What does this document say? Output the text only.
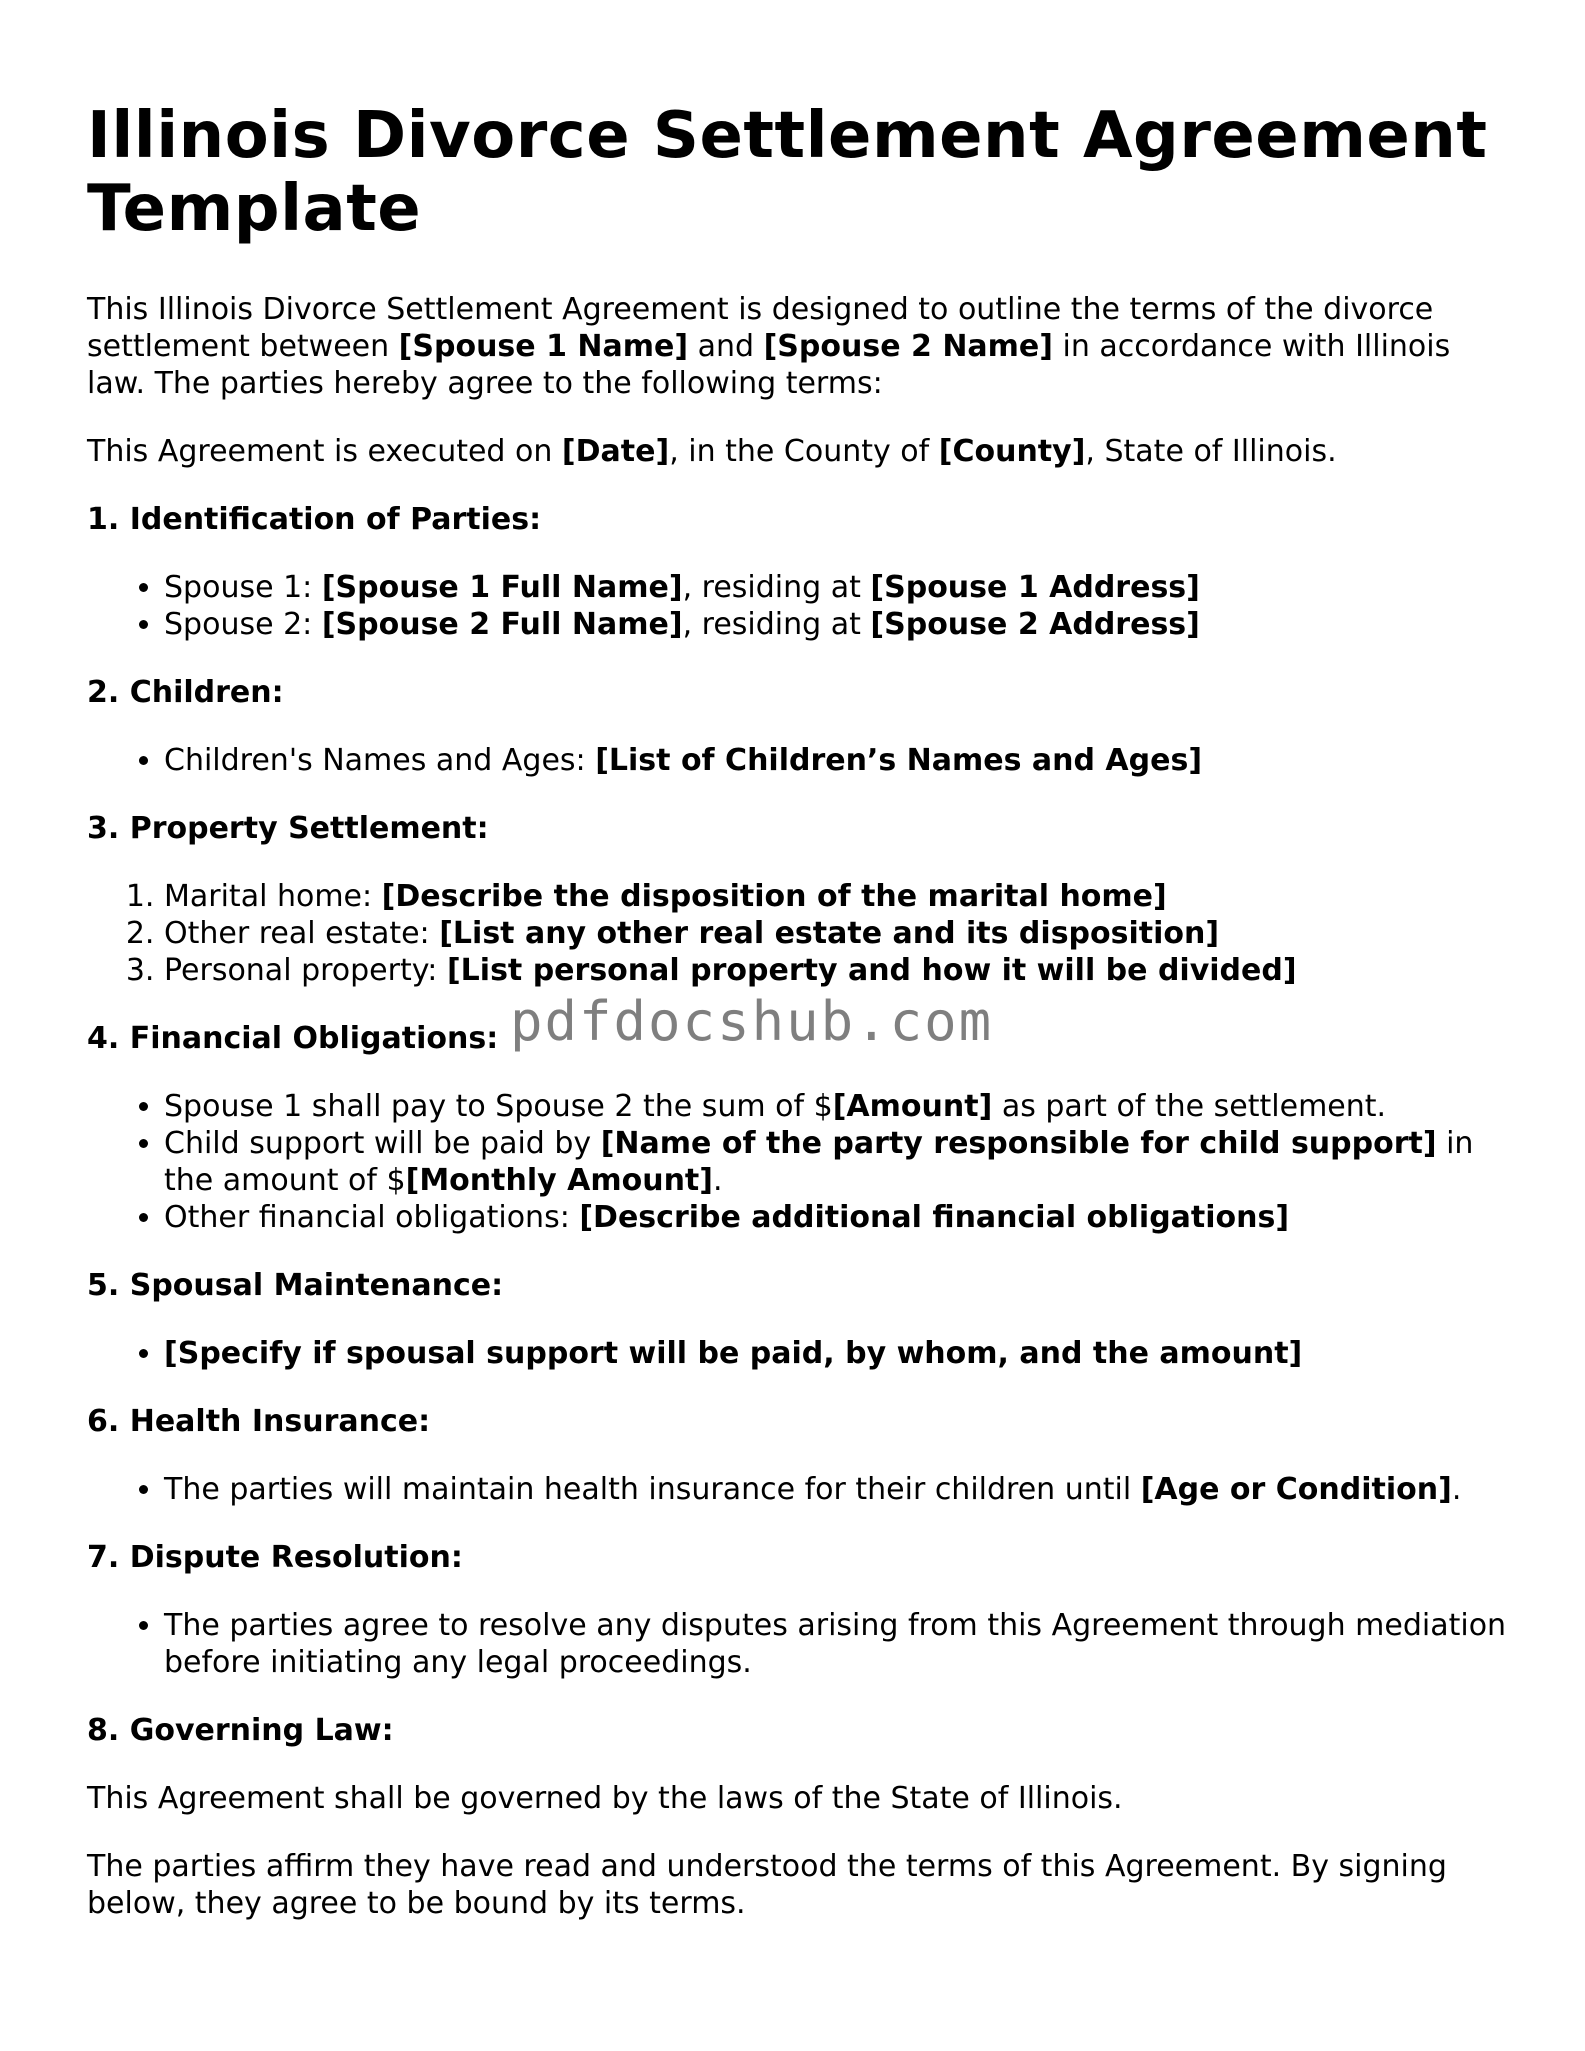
Illinois Divorce Settlement Agreement Template

This Illinois Divorce Settlement Agreement is designed to outline the terms of the divorce settlement between [Spouse 1 Name] and [Spouse 2 Name] in accordance with Illinois law. The parties hereby agree to the following terms:

This Agreement is executed on [Date], in the County of [County], State of Illinois.

1. Identification of Parties:
• Spouse 1: [Spouse 1 Full Name], residing at [Spouse 1 Address]
• Spouse 2: [Spouse 2 Full Name], residing at [Spouse 2 Address]
2. Children:
• Children's Names and Ages: [List of Children’s Names and Ages]
3. Property Settlement:
1. Marital home: [Describe the disposition of the marital home]
2. Other real estate: [List any other real estate and its disposition]
3. Personal property: [List personal property and how it will be divided]
4. Financial Obligations:
• Spouse 1 shall pay to Spouse 2 the sum of $[Amount] as part of the settlement.
• Child support will be paid by [Name of the party responsible for child support] in the amount of $[Monthly Amount].
• Other financial obligations: [Describe additional financial obligations]
5. Spousal Maintenance:
• [Specify if spousal support will be paid, by whom, and the amount]
6. Health Insurance:
• The parties will maintain health insurance for their children until [Age or Condition].
7. Dispute Resolution:
• The parties agree to resolve any disputes arising from this Agreement through mediation before initiating any legal proceedings.
8. Governing Law:

This Agreement shall be governed by the laws of the State of Illinois.

The parties affirm they have read and understood the terms of this Agreement. By signing below, they agree to be bound by its terms.

pdfdocshub.com
